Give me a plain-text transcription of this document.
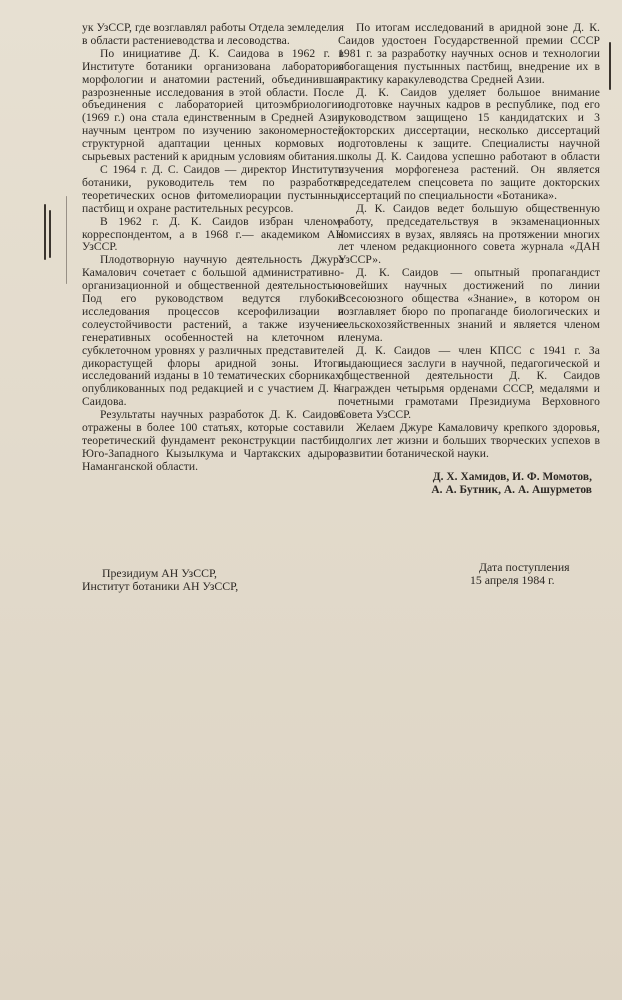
ук УзССР, где возглавлял работы Отдела земледелия в области растениеводства и лесоводства.

По инициативе Д. К. Саидова в 1962 г. в Институте ботаники организована лаборатория морфологии и анатомии растений, объединившая разрозненные исследования в этой области. После объединения с лабораторией цитоэмбриологии (1969 г.) она стала единственным в Средней Азии научным центром по изучению закономерностей структурной адаптации ценных кормовых и сырьевых растений к аридным условиям обитания.

С 1964 г. Д. С. Саидов — директор Института ботаники, руководитель тем по разработке теоретических основ фитомелиорации пустынных пастбищ и охране растительных ресурсов.

В 1962 г. Д. К. Саидов избран членом-корреспондентом, а в 1968 г.— академиком АН УзССР.

Плодотворную научную деятельность Джура Камалович сочетает с большой административно-организационной и общественной деятельностью. Под его руководством ведутся глубокие исследования процессов ксерофилизации и солеустойчивости растений, а также изучение генеративных особенностей на клеточном и субклеточном уровнях у различных представителей дикорастущей флоры аридной зоны. Итоги исследований изданы в 10 тематических сборниках, опубликованных под редакцией и с участием Д. К. Саидова.

Результаты научных разработок Д. К. Саидова отражены в более 100 статьях, которые составили теоретический фундамент реконструкции пастбищ Юго-Западного Кызылкума и Чартакских адыров Наманганской области.

По итогам исследований в аридной зоне Д. К. Саидов удостоен Государственной премии СССР 1981 г. за разработку научных основ и технологии обогащения пустынных пастбищ, внедрение их в практику каракулеводства Средней Азии.

Д. К. Саидов уделяет большое внимание подготовке научных кадров в республике, под его руководством защищено 15 кандидатских и 3 докторских диссертации, несколько диссертаций подготовлены к защите. Специалисты научной школы Д. К. Саидова успешно работают в области изучения морфогенеза растений. Он является председателем спецсовета по защите докторских диссертаций по специальности «Ботаника».

Д. К. Саидов ведет большую общественную работу, председательствуя в экзаменационных комиссиях в вузах, являясь на протяжении многих лет членом редакционного совета журнала «ДАН УзССР».

Д. К. Саидов — опытный пропагандист новейших научных достижений по линии Всесоюзного общества «Знание», в котором он возглавляет бюро по пропаганде биологических и сельскохозяйственных знаний и является членом пленума.

Д. К. Саидов — член КПСС с 1941 г. За выдающиеся заслуги в научной, педагогической и общественной деятельности Д. К. Саидов награжден четырьмя орденами СССР, медалями и почетными грамотами Президиума Верховного Совета УзССР.

Желаем Джуре Камаловичу крепкого здоровья, долгих лет жизни и больших творческих успехов в развитии ботанической науки.

Д. Х. Хамидов, И. Ф. Момотов,
А. А. Бутник, А. А. Ашурметов
Президиум АН УзССР,
Институт ботаники АН УзССР,
Дата поступления
15 апреля 1984 г.
